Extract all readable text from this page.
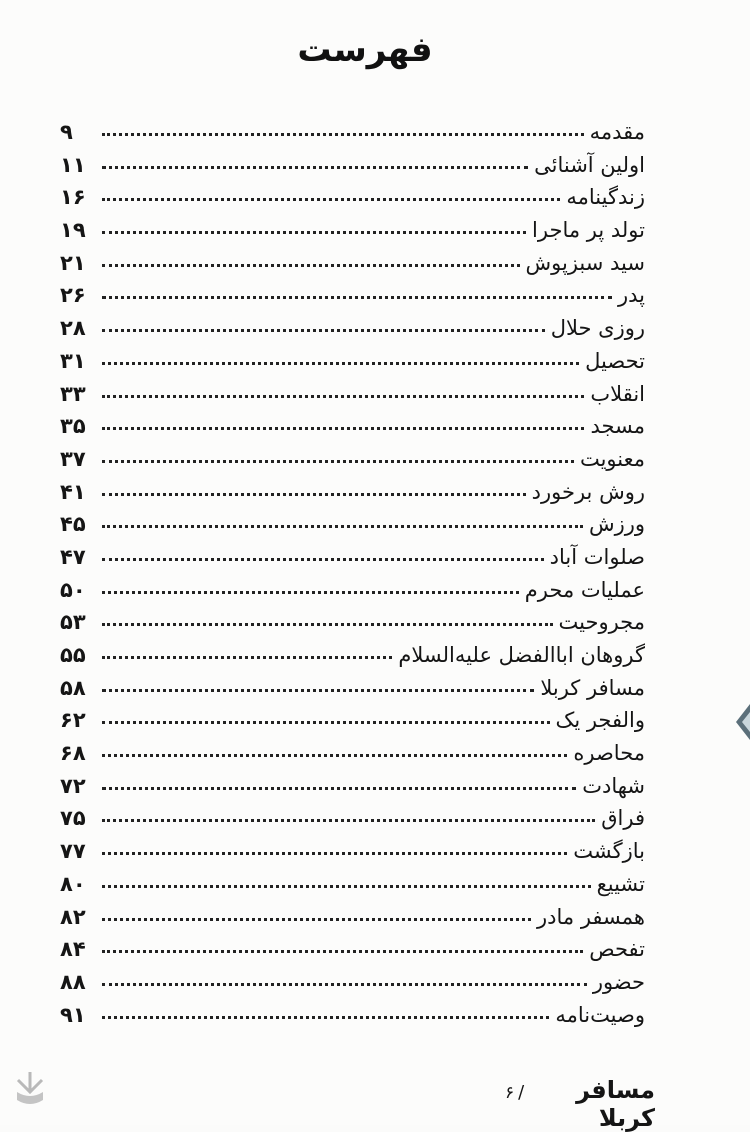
فهرست
مقدمه
۹
اولین آشنائی
۱۱
زندگینامه
۱۶
تولد پر ماجرا
۱۹
سید سبزپوش
۲۱
پدر
۲۶
روزی حلال
۲۸
تحصیل
۳۱
انقلاب
۳۳
مسجد
۳۵
معنویت
۳۷
روش برخورد
۴۱
ورزش
۴۵
صلوات آباد
۴۷
عملیات محرم
۵۰
مجروحیت
۵۳
گروهان اباالفضل علیه‌السلام
۵۵
مسافر کربلا
۵۸
والفجر یک
۶۲
محاصره
۶۸
شهادت
۷۲
فراق
۷۵
بازگشت
۷۷
تشییع
۸۰
همسفر مادر
۸۲
تفحص
۸۴
حضور
۸۸
وصیت‌نامه
۹۱
مسافر کربلا
/
۶
